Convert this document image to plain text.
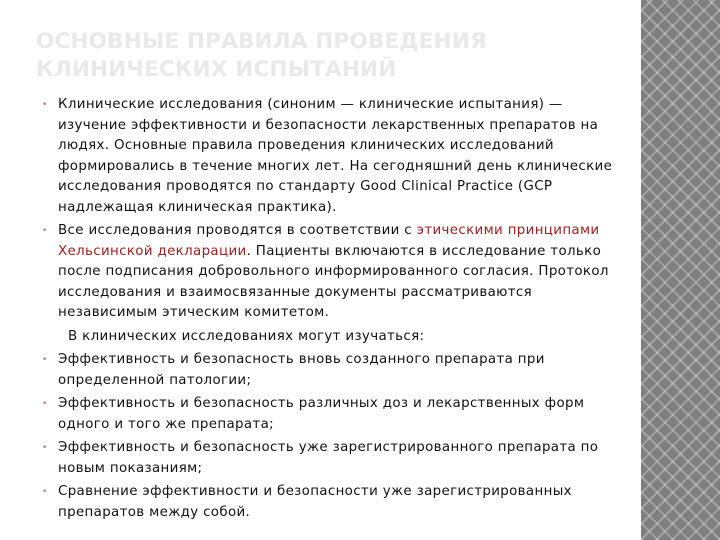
ОСНОВНЫЕ ПРАВИЛА ПРОВЕДЕНИЯ
КЛИНИЧЕСКИХ ИСПЫТАНИЙ
• Клинические исследования (синоним — клинические испытания) — изучение эффективности и безопасности лекарственных препаратов на людях. Основные правила проведения клинических исследований формировались в течение многих лет. На сегодняшний день клинические исследования проводятся по стандарту Good Clinical Practice (GCP надлежащая клиническая практика).
• Все исследования проводятся в соответствии с этическими принципами Хельсинской декларации. Пациенты включаются в исследование только после подписания добровольного информированного согласия. Протокол исследования и взаимосвязанные документы рассматриваются независимым этическим комитетом.
В клинических исследованиях могут изучаться:
• Эффективность и безопасность вновь созданного препарата при определенной патологии;
• Эффективность и безопасность различных доз и лекарственных форм одного и того же препарата;
• Эффективность и безопасность уже зарегистрированного препарата по новым показаниям;
• Сравнение эффективности и безопасности уже зарегистрированных препаратов между собой.
